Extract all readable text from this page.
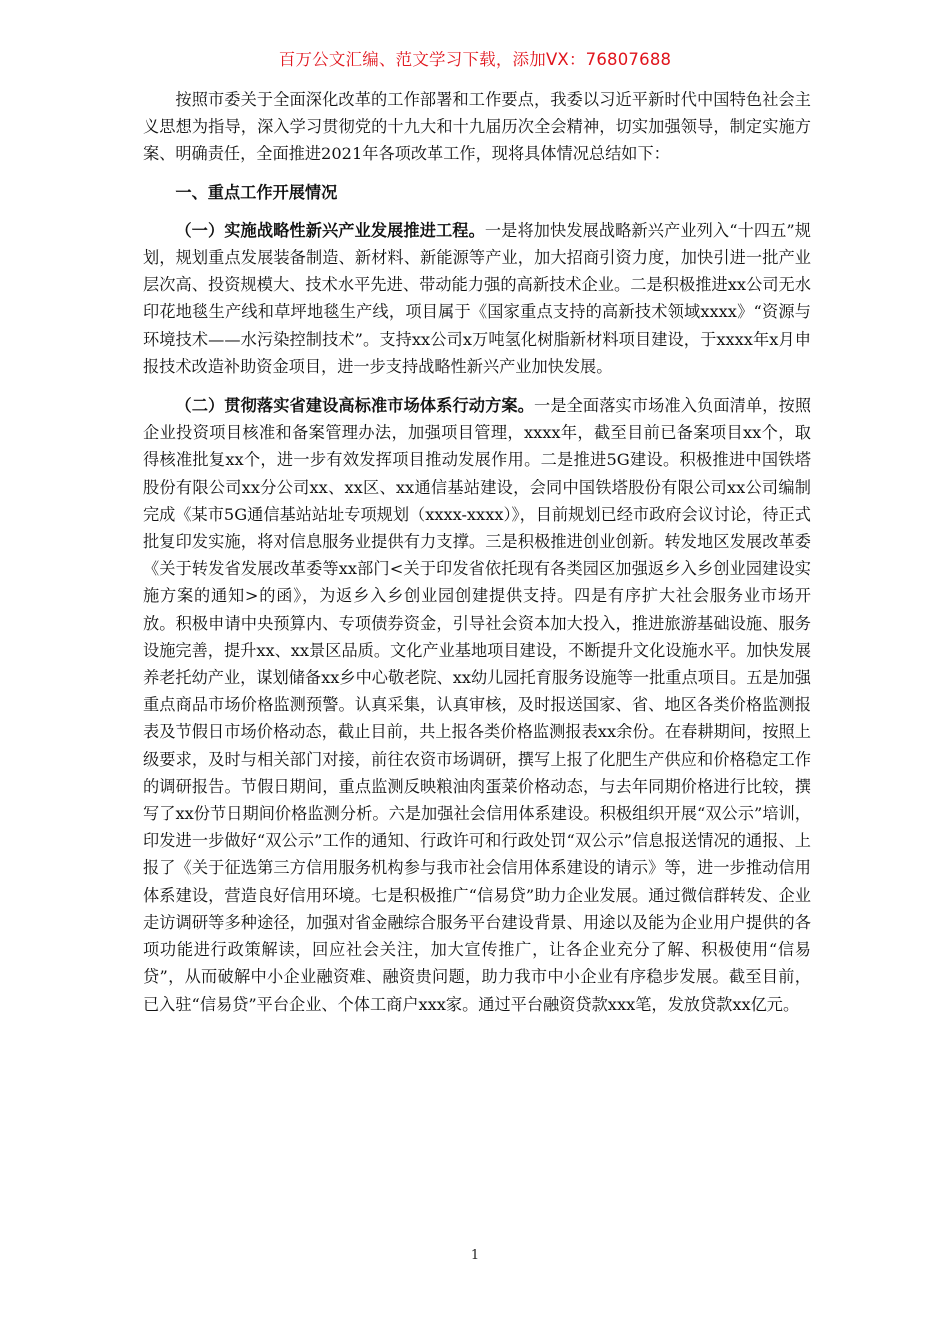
百万公文汇编、范文学习下载，添加VX：76807688

按照市委关于全面深化改革的工作部署和工作要点，我委以习近平新时代中国特色社会主义思想为指导，深入学习贯彻党的十九大和十九届历次全会精神，切实加强领导，制定实施方案、明确责任，全面推进2021年各项改革工作，现将具体情况总结如下：

一、重点工作开展情况

（一）实施战略性新兴产业发展推进工程。一是将加快发展战略新兴产业列入“十四五”规划，规划重点发展装备制造、新材料、新能源等产业，加大招商引资力度，加快引进一批产业层次高、投资规模大、技术水平先进、带动能力强的高新技术企业。二是积极推进xx公司无水印花地毯生产线和草坪地毯生产线，项目属于《国家重点支持的高新技术领域xxxx》“资源与环境技术——水污染控制技术”。支持xx公司x万吨氢化树脂新材料项目建设，于xxxx年x月申报技术改造补助资金项目，进一步支持战略性新兴产业加快发展。

（二）贯彻落实省建设高标准市场体系行动方案。一是全面落实市场准入负面清单，按照企业投资项目核准和备案管理办法，加强项目管理，xxxx年，截至目前已备案项目xx个，取得核准批复xx个，进一步有效发挥项目推动发展作用。二是推进5G建设。积极推进中国铁塔股份有限公司xx分公司xx、xx区、xx通信基站建设，会同中国铁塔股份有限公司xx公司编制完成《某市5G通信基站站址专项规划（xxxx-xxxx）》，目前规划已经市政府会议讨论，待正式批复印发实施，将对信息服务业提供有力支撑。三是积极推进创业创新。转发地区发展改革委《关于转发省发展改革委等xx部门<关于印发省依托现有各类园区加强返乡入乡创业园建设实施方案的通知>的函》，为返乡入乡创业园创建提供支持。四是有序扩大社会服务业市场开放。积极申请中央预算内、专项债券资金，引导社会资本加大投入，推进旅游基础设施、服务设施完善，提升xx、xx景区品质。文化产业基地项目建设，不断提升文化设施水平。加快发展养老托幼产业，谋划储备xx乡中心敬老院、xx幼儿园托育服务设施等一批重点项目。五是加强重点商品市场价格监测预警。认真采集，认真审核，及时报送国家、省、地区各类价格监测报表及节假日市场价格动态，截止目前，共上报各类价格监测报表xx余份。在春耕期间，按照上级要求，及时与相关部门对接，前往农资市场调研，撰写上报了化肥生产供应和价格稳定工作的调研报告。节假日期间，重点监测反映粮油肉蛋菜价格动态，与去年同期价格进行比较，撰写了xx份节日期间价格监测分析。六是加强社会信用体系建设。积极组织开展“双公示”培训，印发进一步做好“双公示”工作的通知、行政许可和行政处罚“双公示”信息报送情况的通报、上报了《关于征选第三方信用服务机构参与我市社会信用体系建设的请示》等，进一步推动信用体系建设，营造良好信用环境。七是积极推广“信易贷”助力企业发展。通过微信群转发、企业走访调研等多种途径，加强对省金融综合服务平台建设背景、用途以及能为企业用户提供的各项功能进行政策解读，回应社会关注，加大宣传推广，让各企业充分了解、积极使用“信易贷”，从而破解中小企业融资难、融资贵问题，助力我市中小企业有序稳步发展。截至目前，已入驻“信易贷”平台企业、个体工商户xxx家。通过平台融资贷款xxx笔，发放贷款xx亿元。

1
